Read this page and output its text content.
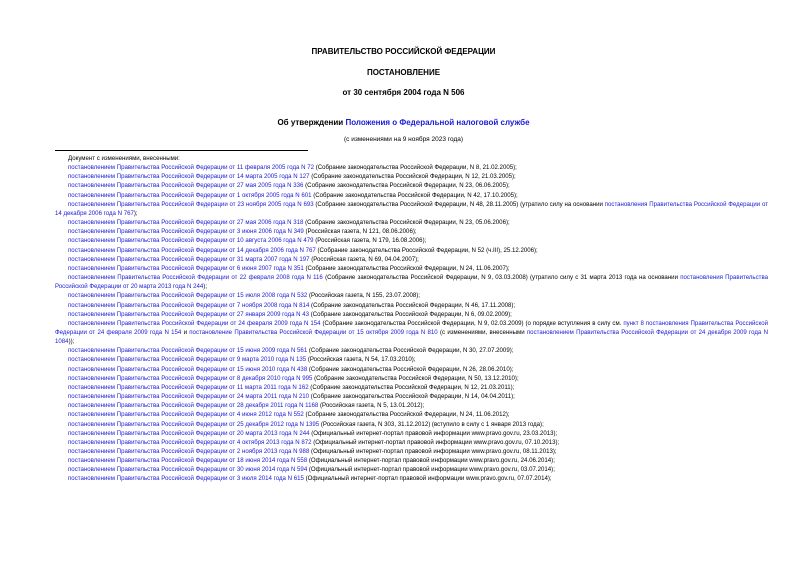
ПРАВИТЕЛЬСТВО РОССИЙСКОЙ ФЕДЕРАЦИИ
ПОСТАНОВЛЕНИЕ
от 30 сентября 2004 года N 506
Об утверждении Положения о Федеральной налоговой службе
(с изменениями на 9 ноября 2023 года)

Документ с изменениями, внесенными:

постановлением Правительства Российской Федерации от 11 февраля 2005 года N 72 (Собрание законодательства Российской Федерации, N 8, 21.02.2005);

постановлением Правительства Российской Федерации от 14 марта 2005 года N 127 (Собрание законодательства Российской Федерации, N 12, 21.03.2005);

постановлением Правительства Российской Федерации от 27 мая 2005 года N 336 (Собрание законодательства Российской Федерации, N 23, 06.06.2005);

постановлением Правительства Российской Федерации от 1 октября 2005 года N 601 (Собрание законодательства Российской Федерации, N 42, 17.10.2005);

постановлением Правительства Российской Федерации от 23 ноября 2005 года N 693 (Собрание законодательства Российской Федерации, N 48, 28.11.2005) (утратило силу на основании постановления Правительства Российской Федерации от 14 декабря 2006 года N 767);

постановлением Правительства Российской Федерации от 27 мая 2006 года N 318 (Собрание законодательства Российской Федерации, N 23, 05.06.2006);

постановлением Правительства Российской Федерации от 3 июня 2006 года N 349 (Российская газета, N 121, 08.06.2006);

постановлением Правительства Российской Федерации от 10 августа 2006 года N 479 (Российская газета, N 179, 16.08.2006);

постановлением Правительства Российской Федерации от 14 декабря 2006 года N 767 (Собрание законодательства Российской Федерации, N 52 (ч.III), 25.12.2006);

постановлением Правительства Российской Федерации от 31 марта 2007 года N 197 (Российская газета, N 69, 04.04.2007);

постановлением Правительства Российской Федерации от 6 июня 2007 года N 351 (Собрание законодательства Российской Федерации, N 24, 11.06.2007);

постановлением Правительства Российской Федерации от 22 февраля 2008 года N 116 (Собрание законодательства Российской Федерации, N 9, 03.03.2008) (утратило силу с 31 марта 2013 года на основании постановления Правительства Российской Федерации от 20 марта 2013 года N 244);

постановлением Правительства Российской Федерации от 15 июля 2008 года N 532 (Российская газета, N 155, 23.07.2008);

постановлением Правительства Российской Федерации от 7 ноября 2008 года N 814 (Собрание законодательства Российской Федерации, N 46, 17.11.2008);

постановлением Правительства Российской Федерации от 27 января 2009 года N 43 (Собрание законодательства Российской Федерации, N 6, 09.02.2009);

постановлением Правительства Российской Федерации от 24 февраля 2009 года N 154 (Собрание законодательства Российской Федерации, N 9, 02.03.2009) (о порядке вступления в силу см. пункт 8 постановления Правительства Российской Федерации от 24 февраля 2009 года N 154 и постановление Правительства Российской Федерации от 15 октября 2009 года N 810 (с изменениями, внесенными постановлением Правительства Российской Федерации от 24 декабря 2009 года N 1084));

постановлением Правительства Российской Федерации от 15 июня 2009 года N 561 (Собрание законодательства Российской Федерации, N 30, 27.07.2009);

постановлением Правительства Российской Федерации от 9 марта 2010 года N 135 (Российская газета, N 54, 17.03.2010);

постановлением Правительства Российской Федерации от 15 июня 2010 года N 438 (Собрание законодательства Российской Федерации, N 26, 28.06.2010);

постановлением Правительства Российской Федерации от 8 декабря 2010 года N 995 (Собрание законодательства Российской Федерации, N 50, 13.12.2010);

постановлением Правительства Российской Федерации от 11 марта 2011 года N 162 (Собрание законодательства Российской Федерации, N 12, 21.03.2011);

постановлением Правительства Российской Федерации от 24 марта 2011 года N 210 (Собрание законодательства Российской Федерации, N 14, 04.04.2011);

постановлением Правительства Российской Федерации от 28 декабря 2011 года N 1168 (Российская газета, N 5, 13.01.2012);

постановлением Правительства Российской Федерации от 4 июня 2012 года N 552 (Собрание законодательства Российской Федерации, N 24, 11.06.2012);

постановлением Правительства Российской Федерации от 25 декабря 2012 года N 1395 (Российская газета, N 303, 31.12.2012) (вступило в силу с 1 января 2013 года);

постановлением Правительства Российской Федерации от 20 марта 2013 года N 244 (Официальный интернет-портал правовой информации www.pravo.gov.ru, 23.03.2013);

постановлением Правительства Российской Федерации от 4 октября 2013 года N 872 (Официальный интернет-портал правовой информации www.pravo.gov.ru, 07.10.2013);

постановлением Правительства Российской Федерации от 2 ноября 2013 года N 988 (Официальный интернет-портал правовой информации www.pravo.gov.ru, 08.11.2013);

постановлением Правительства Российской Федерации от 18 июня 2014 года N 558 (Официальный интернет-портал правовой информации www.pravo.gov.ru, 24.06.2014);

постановлением Правительства Российской Федерации от 30 июня 2014 года N 594 (Официальный интернет-портал правовой информации www.pravo.gov.ru, 03.07.2014);

постановлением Правительства Российской Федерации от 3 июля 2014 года N 615 (Официальный интернет-портал правовой информации www.pravo.gov.ru, 07.07.2014);
